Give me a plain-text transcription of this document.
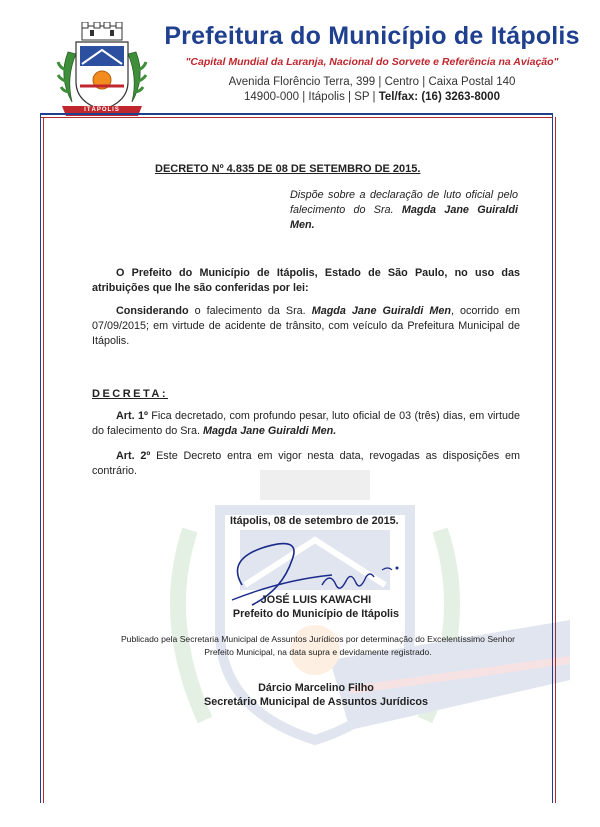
ITÁPOLIS
Prefeitura do Município de Itápolis
"Capital Mundial da Laranja, Nacional do Sorvete e Referência na Aviação"
Avenida Florêncio Terra, 399 | Centro | Caixa Postal 140
14900-000 | Itápolis | SP | Tel/fax: (16) 3263-8000
DECRETO Nº 4.835 DE 08 DE SETEMBRO DE 2015.
Dispõe sobre a declaração de luto oficial pelo falecimento do Sra. Magda Jane Guiraldi Men.
O Prefeito do Município de Itápolis, Estado de São Paulo, no uso das atribuições que lhe são conferidas por lei:
Considerando o falecimento da Sra. Magda Jane Guiraldi Men, ocorrido em 07/09/2015; em virtude de acidente de trânsito, com veículo da Prefeitura Municipal de Itápolis.
DECRETA:
Art. 1º Fica decretado, com profundo pesar, luto oficial de 03 (três) dias, em virtude do falecimento do Sra. Magda Jane Guiraldi Men.
Art. 2º Este Decreto entra em vigor nesta data, revogadas as disposições em contrário.
Itápolis, 08 de setembro de 2015.
JOSÉ LUIS KAWACHI
Prefeito do Município de Itápolis
Publicado pela Secretaria Municipal de Assuntos Jurídicos por determinação do Excelentíssimo Senhor Prefeito Municipal, na data supra e devidamente registrado.
Dárcio Marcelino Filho
Secretário Municipal de Assuntos Jurídicos
